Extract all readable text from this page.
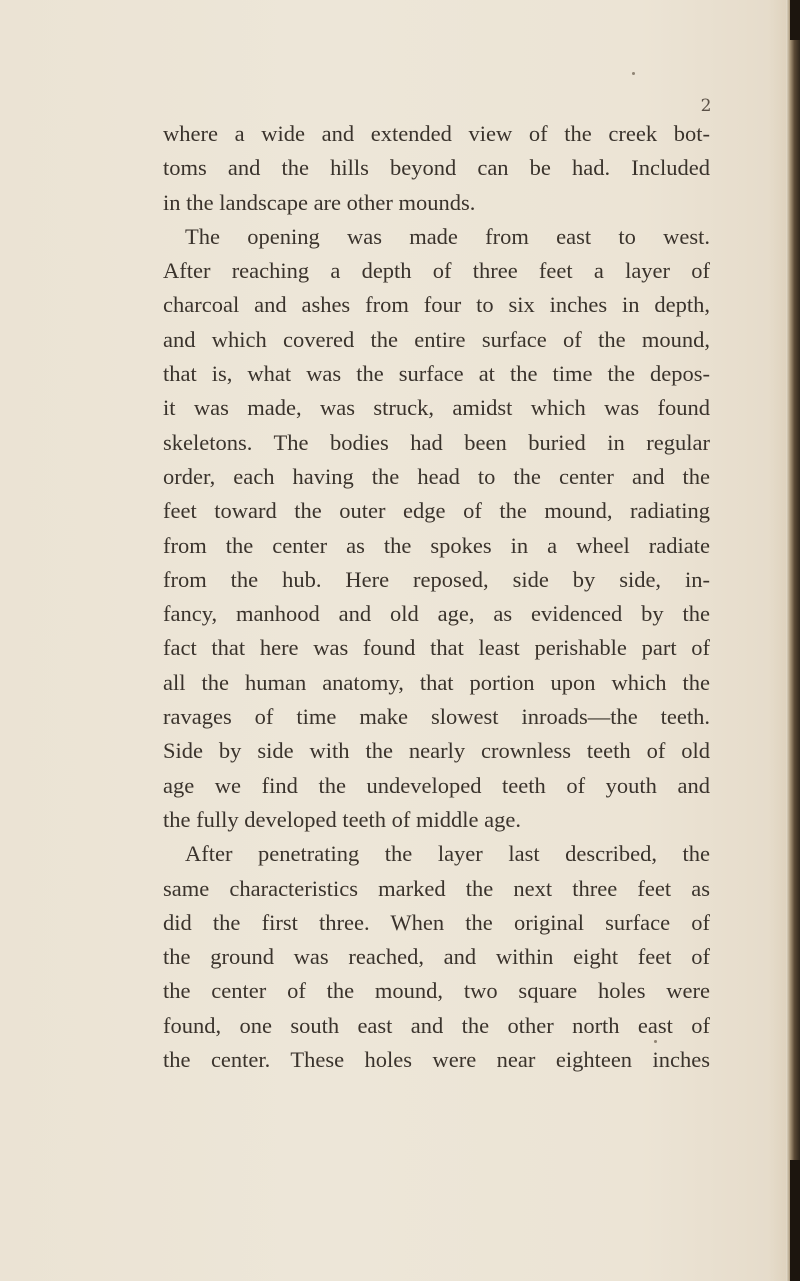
2
where a wide and extended view of the creek bot-
toms and the hills beyond can be had. Included
in the landscape are other mounds.
The opening was made from east to west.
After reaching a depth of three feet a layer of
charcoal and ashes from four to six inches in depth,
and which covered the entire surface of the mound,
that is, what was the surface at the time the depos-
it was made, was struck, amidst which was found
skeletons. The bodies had been buried in regular
order, each having the head to the center and the
feet toward the outer edge of the mound, radiating
from the center as the spokes in a wheel radiate
from the hub. Here reposed, side by side, in-
fancy, manhood and old age, as evidenced by the
fact that here was found that least perishable part of
all the human anatomy, that portion upon which the
ravages of time make slowest inroads—the teeth.
Side by side with the nearly crownless teeth of old
age we find the undeveloped teeth of youth and
the fully developed teeth of middle age.
After penetrating the layer last described, the
same characteristics marked the next three feet as
did the first three. When the original surface of
the ground was reached, and within eight feet of
the center of the mound, two square holes were
found, one south east and the other north east of
the center. These holes were near eighteen inches
